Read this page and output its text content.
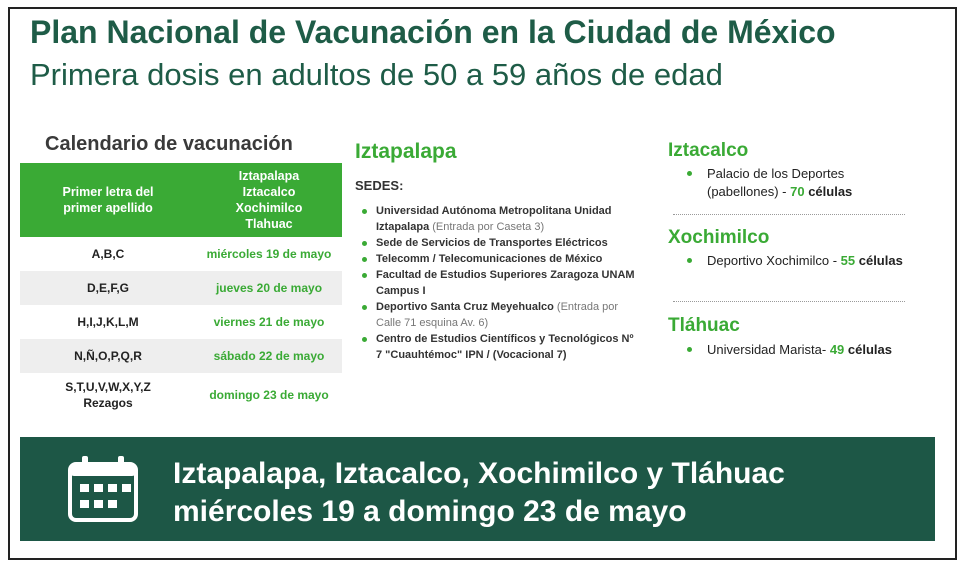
Plan Nacional de Vacunación en la Ciudad de México
Primera dosis en adultos de 50 a 59 años de edad
Calendario de vacunación
Primer letra del primer apellido	Iztapalapa
Iztacalco
Xochimilco
Tlahuac
A,B,C	miércoles 19 de mayo
D,E,F,G	jueves 20 de mayo
H,I,J,K,L,M	viernes 21 de mayo
N,Ñ,O,P,Q,R	sábado 22 de mayo
S,T,U,V,W,X,Y,Z
Rezagos	domingo 23 de mayo
Iztapalapa
SEDES:
Universidad Autónoma Metropolitana Unidad Iztapalapa (Entrada por Caseta 3)
Sede de Servicios de Transportes Eléctricos
Telecomm / Telecomunicaciones de México
Facultad de Estudios Superiores Zaragoza UNAM Campus I
Deportivo Santa Cruz Meyehualco (Entrada por Calle 71 esquina Av. 6)
Centro de Estudios Científicos y Tecnológicos Nº 7 "Cuauhtémoc" IPN / (Vocacional 7)
Iztacalco
Palacio de los Deportes (pabellones) - 70 células
Xochimilco
Deportivo Xochimilco - 55 células
Tláhuac
Universidad Marista- 49 células
Iztapalapa, Iztacalco, Xochimilco y Tláhuac
miércoles 19 a domingo 23 de mayo
